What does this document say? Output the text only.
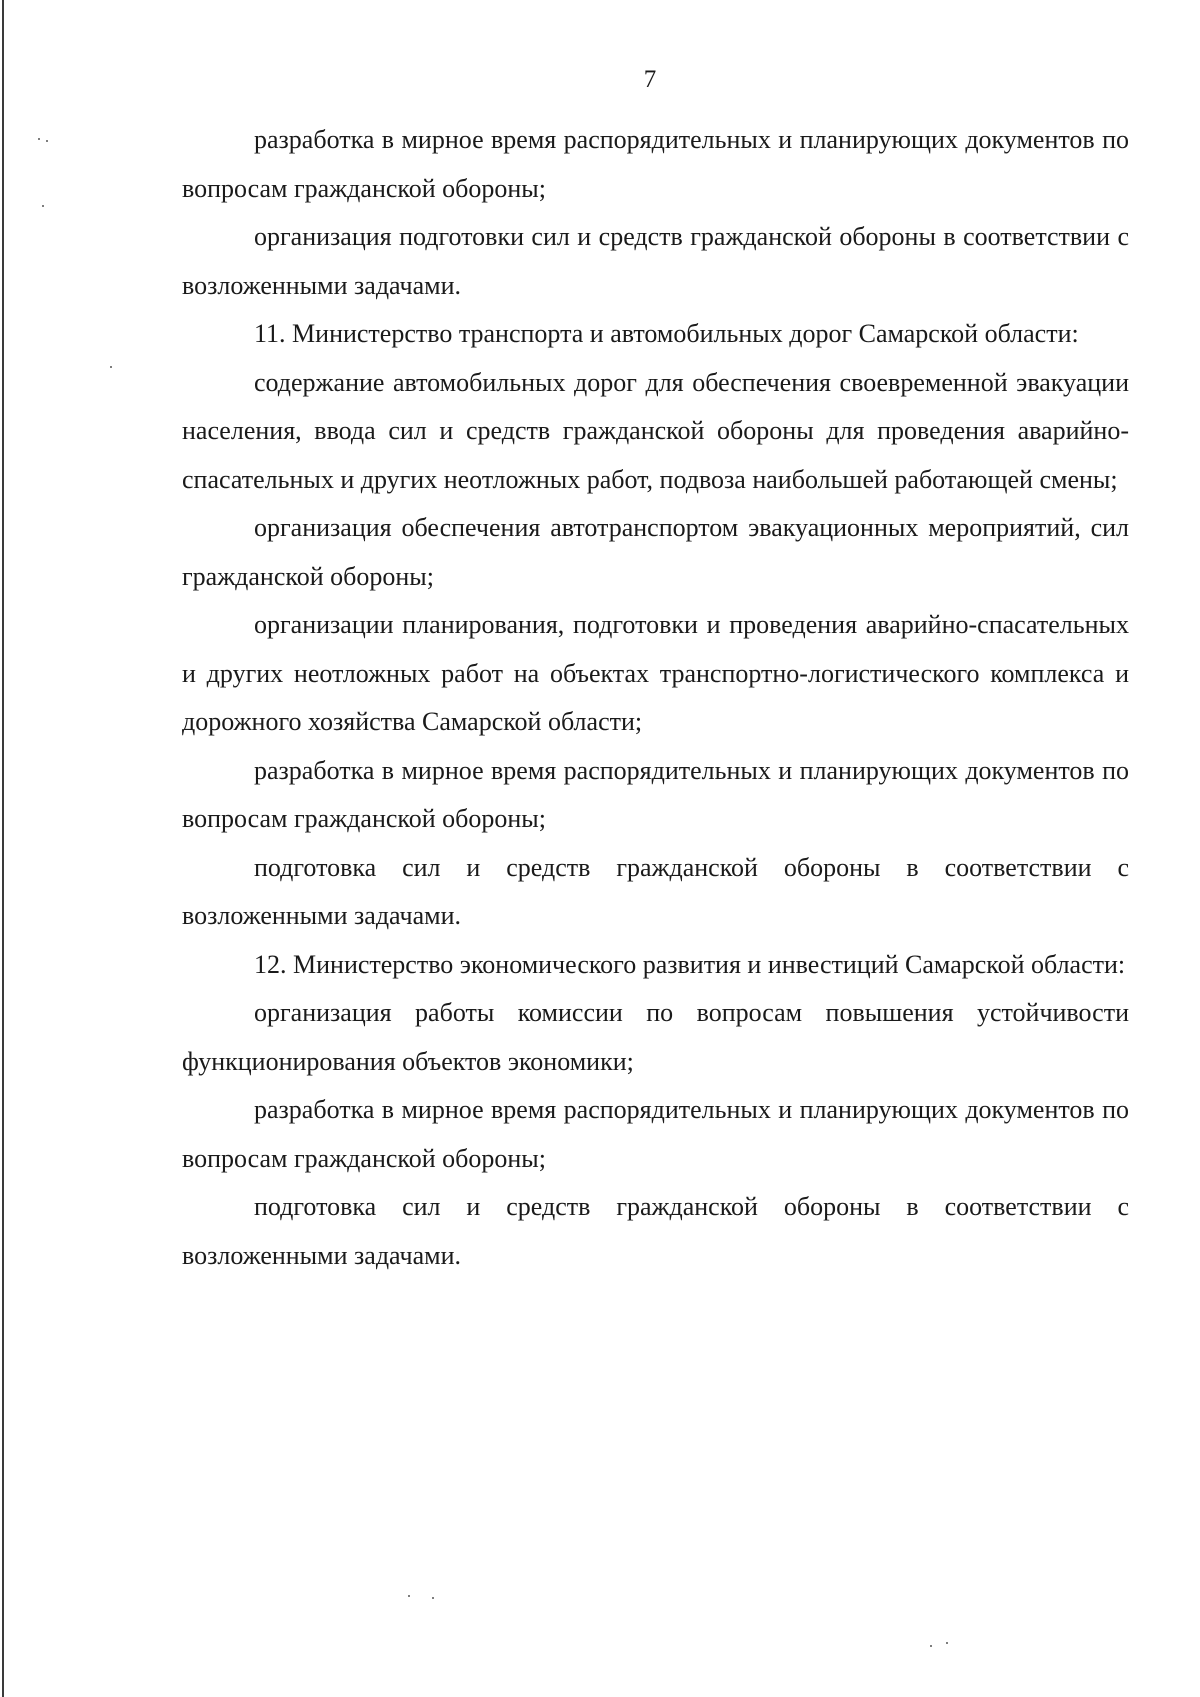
7

разработка в мирное время распорядительных и планирующих документов по вопросам гражданской обороны;

организация подготовки сил и средств гражданской обороны в соответствии с возложенными задачами.

11. Министерство транспорта и автомобильных дорог Самарской области:

содержание автомобильных дорог для обеспечения своевременной эвакуации населения, ввода сил и средств гражданской обороны для проведения аварийно-спасательных и других неотложных работ, подвоза наибольшей работающей смены;

организация обеспечения автотранспортом эвакуационных мероприятий, сил гражданской обороны;

организации планирования, подготовки и проведения аварийно-спасательных и других неотложных работ на объектах транспортно-логистического комплекса и дорожного хозяйства Самарской области;

разработка в мирное время распорядительных и планирующих документов по вопросам гражданской обороны;

подготовка сил и средств гражданской обороны в соответствии с возложенными задачами.

12. Министерство экономического развития и инвестиций Самарской области:

организация работы комиссии по вопросам повышения устойчивости функционирования объектов экономики;

разработка в мирное время распорядительных и планирующих документов по вопросам гражданской обороны;

подготовка сил и средств гражданской обороны в соответствии с возложенными задачами.
